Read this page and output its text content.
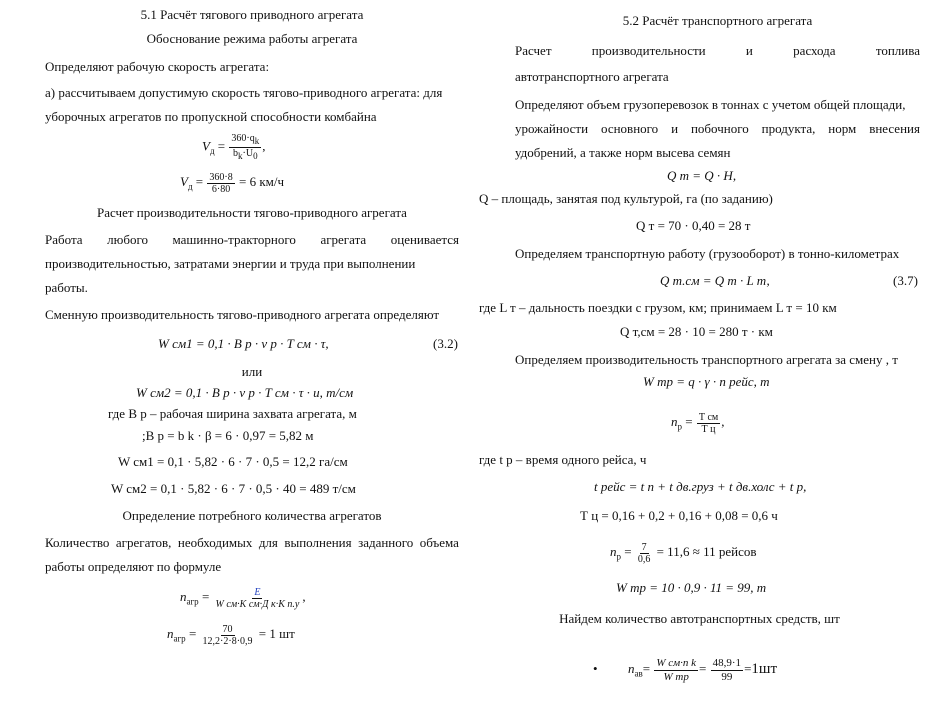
5.1 Расчёт тягового приводного агрегата
Обоснование режима работы агрегата
Определяют рабочую скорость агрегата:
а) рассчитываем допустимую скорость тягово-приводного агрегата: для
уборочных агрегатов по пропускной способности комбайна
$V_д = \frac{360\cdot q_k}{b_k\cdot U_0}$ ,
$V_д = \frac{360\cdot 8}{6\cdot 80} = 6$ км/ч
Расчет производительности тягово-приводного агрегата
Работа любого машинно-тракторного агрегата оценивается
производительностью, затратами энергии и труда при выполнении
работы.
Сменную производительность тягово-приводного агрегата определяют
W см1 = 0,1 · B р · v р · T см · τ,	(3.2)
или
W см2 = 0,1 · B р · v р · T см · τ · u, т/см
где B р – рабочая ширина захвата агрегата, м
;B р = b k · β = 6 · 0,97 = 5,82 м
W см1 = 0,1 · 5,82 · 6 · 7 · 0,5 = 12,2 га/см
W см2 = 0,1 · 5,82 · 6 · 7 · 0,5 · 40 = 489 т/см
Определение потребного количества агрегатов
Количество агрегатов, необходимых для выполнения заданного объема
работы определяют по формуле
$n_{агр} = \frac{E}{\text{W см·K см·Д к·K п.у}}$ ,
$n_{агр} = \frac{70}{12,2\cdot 2\cdot 8\cdot 0,9} = 1$ шт
5.2 Расчёт транспортного агрегата
Расчет	производительности	и	расхода	топлива
автотранспортного агрегата
Определяют объем грузоперевозок в тоннах с учетом общей площади,
урожайности основного и побочного продукта, норм внесения
удобрений, а также норм высева семян
Q т = Q · H,
Q – площадь, занятая под культурой, га (по заданию)
Q т = 70 · 0,40 = 28 т
Определяем транспортную работу (грузооборот) в тонно-километрах
Q т.см = Q т · L т,	(3.7)
где L т – дальность поездки с грузом, км; принимаем L т = 10 км
Q т,см = 28 · 10 = 280 т · км
Определяем производительность транспортного агрегата за смену , т
W тр = q · γ · n рейс, т
$n_p = \frac{\text{Т см}}{\text{Т ц}}$ ,
где t р – время одного рейса, ч
t рейс = t п + t дв.груз + t дв.холс + t р,
Т ц = 0,16 + 0,2 + 0,16 + 0,08 = 0,6 ч
$n_p = \frac{7}{0,6} = 11,6 \approx 11$ рейсов
W тр = 10 · 0,9 · 11 = 99, т
Найдем количество автотранспортных средств, шт
• $n_{ав}= \frac{\text{W см·n k}}{\text{W тр}} = \frac{48,9\cdot 1}{99} =1шт$
